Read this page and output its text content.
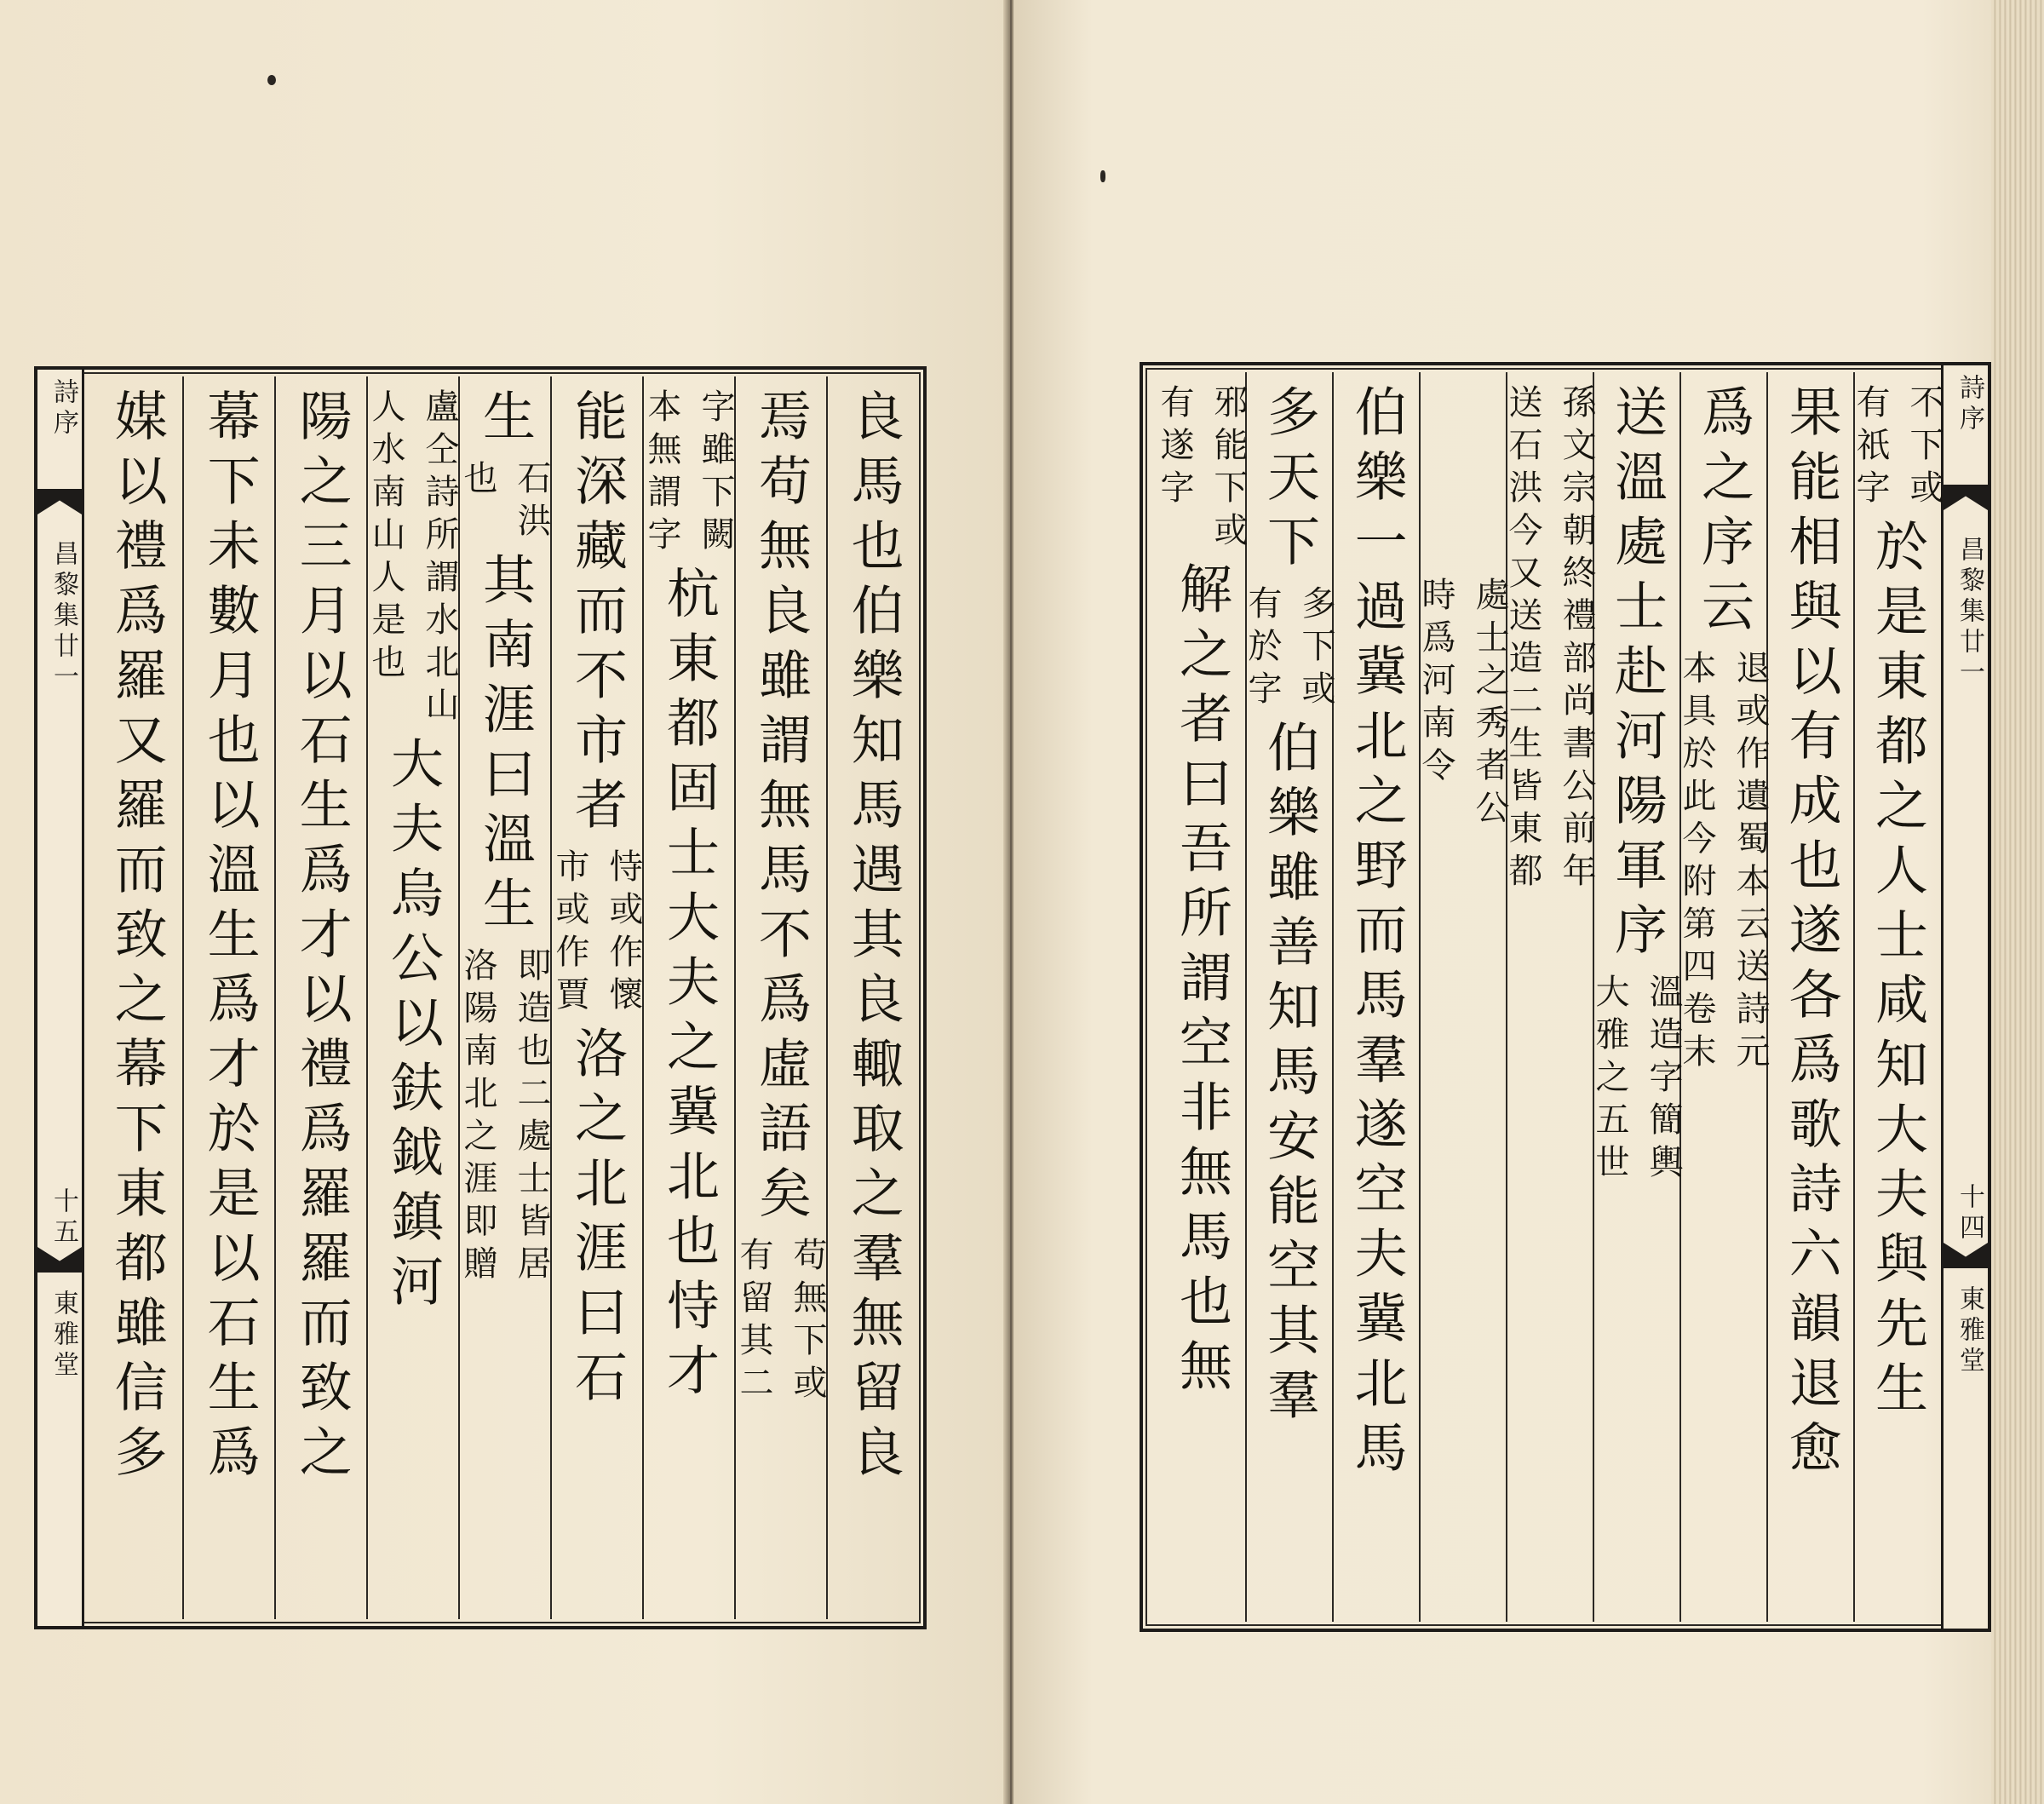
詩序
昌黎集廿一
十五
東雅堂	良馬也伯樂知馬遇其良輙取之羣無留良
焉苟無良雖謂無馬不爲虛語矣
苟無下或
有留其二
字雖下闕
本無謂字
杭東都固士大夫之冀北也恃才
能深藏而不市者
恃或作懷
市或作賈
洛之北涯曰石
生
石洪
也
其南涯曰溫生
即造也二處士皆居
洛陽南北之涯即贈
盧仝詩所謂水北山
人水南山人是也
大夫烏公以鈇鉞鎮河
陽之三月以石生爲才以禮爲羅羅而致之
幕下未數月也以溫生爲才於是以石生爲
媒以禮爲羅又羅而致之幕下東都雖信多	詩序
昌黎集廿一
十四
東雅堂
不下或
有祇字
於是東都之人士咸知大夫與先生
果能相與以有成也遂各爲歌詩六韻退愈
爲之序云
退或作遺蜀本云送詩元
本具於此今附第四卷末
送溫處士赴河陽軍序
溫造字簡輿
大雅之五世
孫文宗朝終禮部尚書公前年
送石洪今又送造二生皆東都
處士之秀者公
時爲河南令
伯樂一過冀北之野而馬羣遂空夫冀北馬
多天下
多下或
有於字
伯樂雖善知馬安能空其羣
邪能下或
有遂字
解之者曰吾所謂空非無馬也無
